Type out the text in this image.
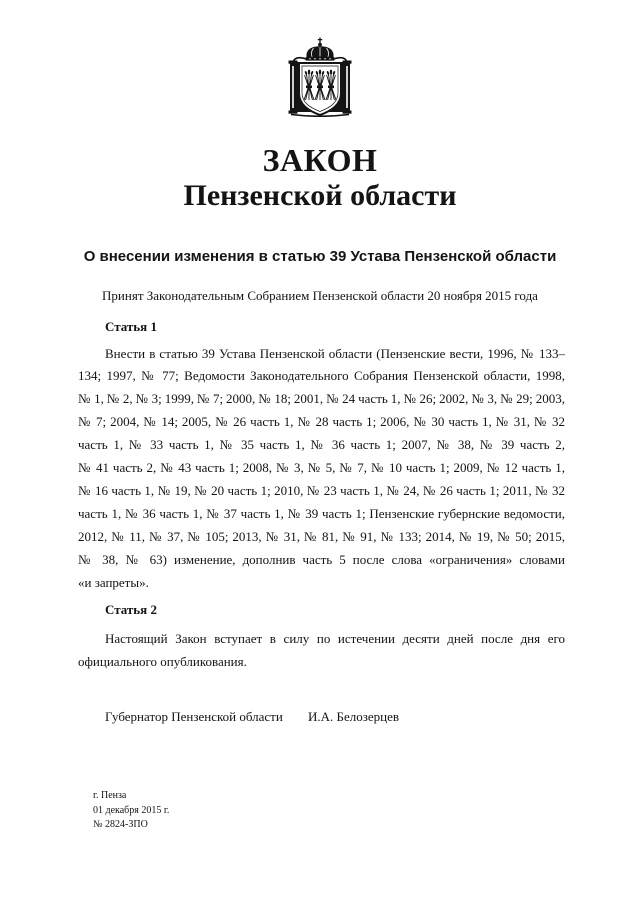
ЗАКОН
Пензенской области
О внесении изменения в статью 39 Устава Пензенской области
Принят Законодательным Собранием Пензенской области 20 ноября 2015 года
Статья 1
Внести в статью 39 Устава Пензенской области (Пензенские вести, 1996, № 133–
134; 1997, № 77; Ведомости Законодательного Собрания Пензенской области, 1998,
№ 1, № 2, № 3; 1999, № 7; 2000, № 18; 2001, № 24 часть 1, № 26; 2002, № 3, № 29; 2003,
№ 7; 2004, № 14; 2005, № 26 часть 1, № 28 часть 1; 2006, № 30 часть 1, № 31, № 32
часть 1, № 33 часть 1, № 35 часть 1, № 36 часть 1; 2007, № 38, № 39 часть 2,
№ 41 часть 2, № 43 часть 1; 2008, № 3, № 5, № 7, № 10 часть 1; 2009, № 12 часть 1,
№ 16 часть 1, № 19, № 20 часть 1; 2010, № 23 часть 1, № 24, № 26 часть 1; 2011, № 32
часть 1, № 36 часть 1, № 37 часть 1, № 39 часть 1; Пензенские губернские ведомости,
2012, № 11, № 37, № 105; 2013, № 31, № 81, № 91, № 133; 2014, № 19, № 50; 2015,
№ 38, № 63) изменение, дополнив часть 5 после слова «ограничения» словами
«и запреты».
Статья 2
Настоящий Закон вступает в силу по истечении десяти дней после дня его
официального опубликования.
Губернатор Пензенской области И.А. Белозерцев
г. Пенза
01 декабря 2015 г.
№ 2824-ЗПО
